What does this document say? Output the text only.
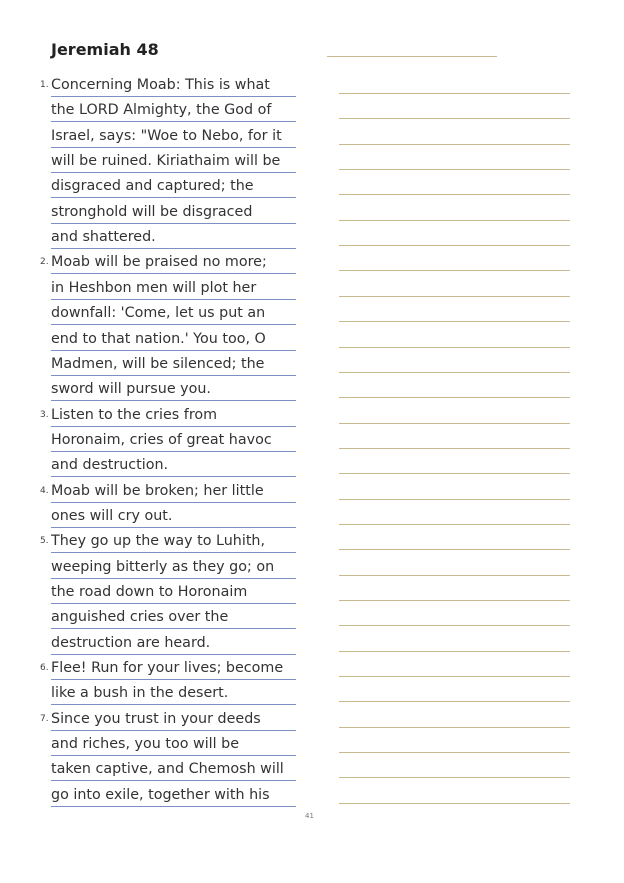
Jeremiah 48
1. Concerning Moab: This is what
the LORD Almighty, the God of
Israel, says: "Woe to Nebo, for it
will be ruined. Kiriathaim will be
disgraced and captured; the
stronghold will be disgraced
and shattered.
2. Moab will be praised no more;
in Heshbon men will plot her
downfall: 'Come, let us put an
end to that nation.' You too, O
Madmen, will be silenced; the
sword will pursue you.
3. Listen to the cries from
Horonaim, cries of great havoc
and destruction.
4. Moab will be broken; her little
ones will cry out.
5. They go up the way to Luhith,
weeping bitterly as they go; on
the road down to Horonaim
anguished cries over the
destruction are heard.
6. Flee! Run for your lives; become
like a bush in the desert.
7. Since you trust in your deeds
and riches, you too will be
taken captive, and Chemosh will
go into exile, together with his
41
